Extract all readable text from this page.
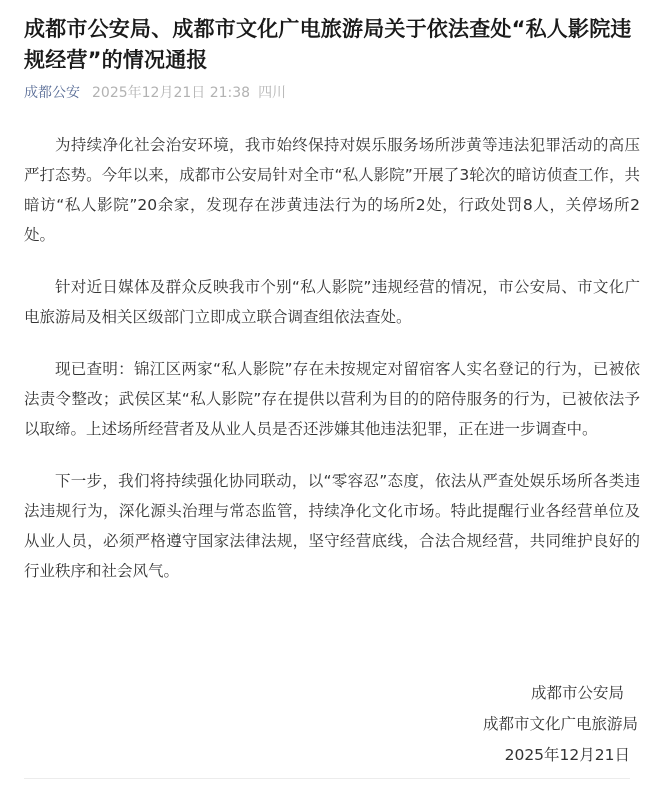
成都市公安局、成都市文化广电旅游局关于依法查处“私人影院违规经营”的情况通报
成都公安 2025年12月21日 21:38 四川

为持续净化社会治安环境，我市始终保持对娱乐服务场所涉黄等违法犯罪活动的高压严打态势。今年以来，成都市公安局针对全市“私人影院”开展了3轮次的暗访侦查工作，共暗访“私人影院”20余家，发现存在涉黄违法行为的场所2处，行政处罚8人，关停场所2处。

针对近日媒体及群众反映我市个别“私人影院”违规经营的情况，市公安局、市文化广电旅游局及相关区级部门立即成立联合调查组依法查处。

现已查明：锦江区两家“私人影院”存在未按规定对留宿客人实名登记的行为，已被依法责令整改；武侯区某“私人影院”存在提供以营利为目的的陪侍服务的行为，已被依法予以取缔。上述场所经营者及从业人员是否还涉嫌其他违法犯罪，正在进一步调查中。

下一步，我们将持续强化协同联动，以“零容忍”态度，依法从严查处娱乐场所各类违法违规行为，深化源头治理与常态监管，持续净化文化市场。特此提醒行业各经营单位及从业人员，必须严格遵守国家法律法规，坚守经营底线，合法合规经营，共同维护良好的行业秩序和社会风气。

成都市公安局
成都市文化广电旅游局
2025年12月21日
